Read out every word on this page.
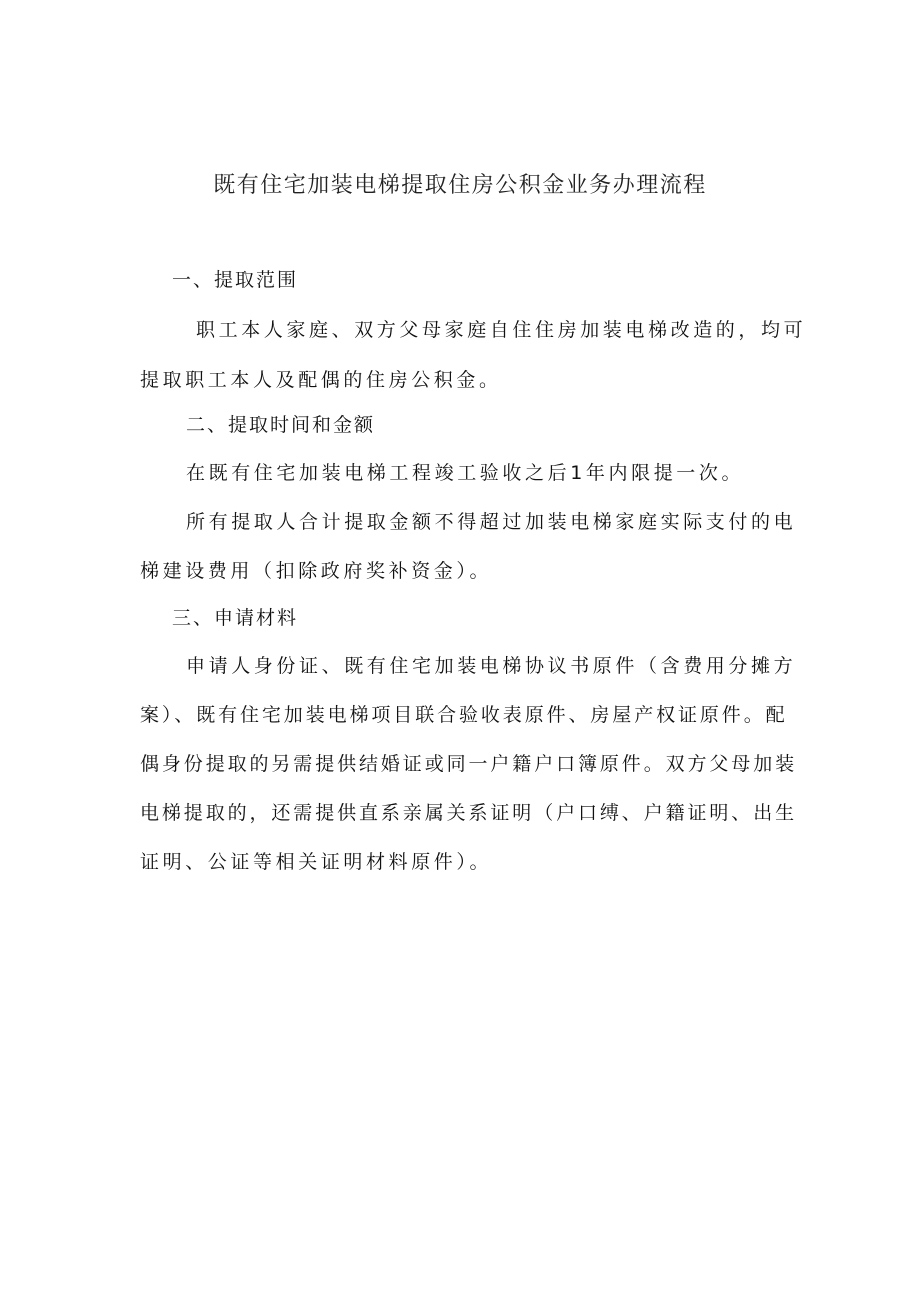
既有住宅加装电梯提取住房公积金业务办理流程
一、提取范围
职工本人家庭、双方父母家庭自住住房加装电梯改造的，均可
提取职工本人及配偶的住房公积金。
二、提取时间和金额
在既有住宅加装电梯工程竣工验收之后1年内限提一次。
所有提取人合计提取金额不得超过加装电梯家庭实际支付的电
梯建设费用（扣除政府奖补资金）。
三、申请材料
申请人身份证、既有住宅加装电梯协议书原件（含费用分摊方
案）、既有住宅加装电梯项目联合验收表原件、房屋产权证原件。配
偶身份提取的另需提供结婚证或同一户籍户口簿原件。双方父母加装
电梯提取的，还需提供直系亲属关系证明（户口缚、户籍证明、出生
证明、公证等相关证明材料原件）。
